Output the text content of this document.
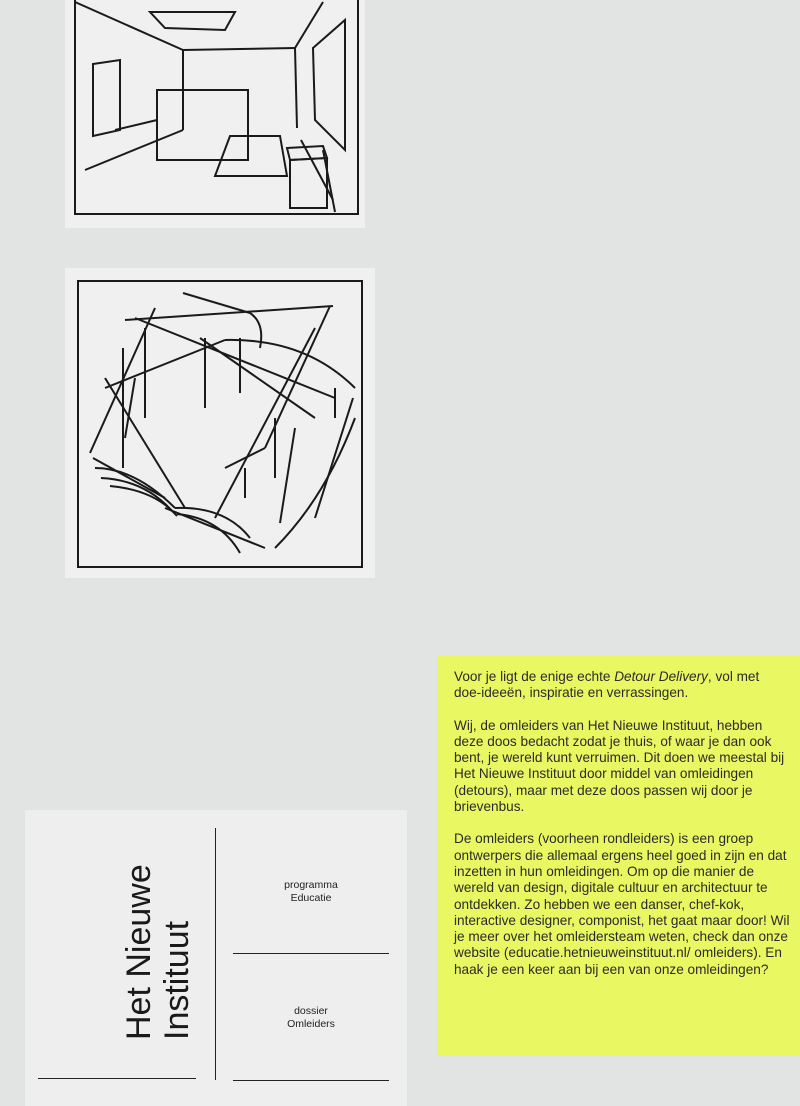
Het Nieuwe Instituut
programma
Educatie
dossier
Omleiders

Voor je ligt de enige echte Detour Delivery, vol met doe-ideeën, inspiratie en verrassingen.

Wij, de omleiders van Het Nieuwe Instituut, hebben deze doos bedacht zodat je thuis, of waar je dan ook bent, je wereld kunt verruimen. Dit doen we meestal bij Het Nieuwe Instituut door middel van omleidingen (detours), maar met deze doos passen wij door je brievenbus.

De omleiders (voorheen rondleiders) is een groep ontwerpers die allemaal ergens heel goed in zijn en dat inzetten in hun omleidingen. Om op die manier de wereld van design, digitale cultuur en architectuur te ontdekken. Zo hebben we een danser, chef-kok, interactive designer, componist, het gaat maar door! Wil je meer over het omleidersteam weten, check dan onze website (educatie.hetnieuweinstituut.nl/ omleiders). En haak je een keer aan bij een van onze omleidingen?
